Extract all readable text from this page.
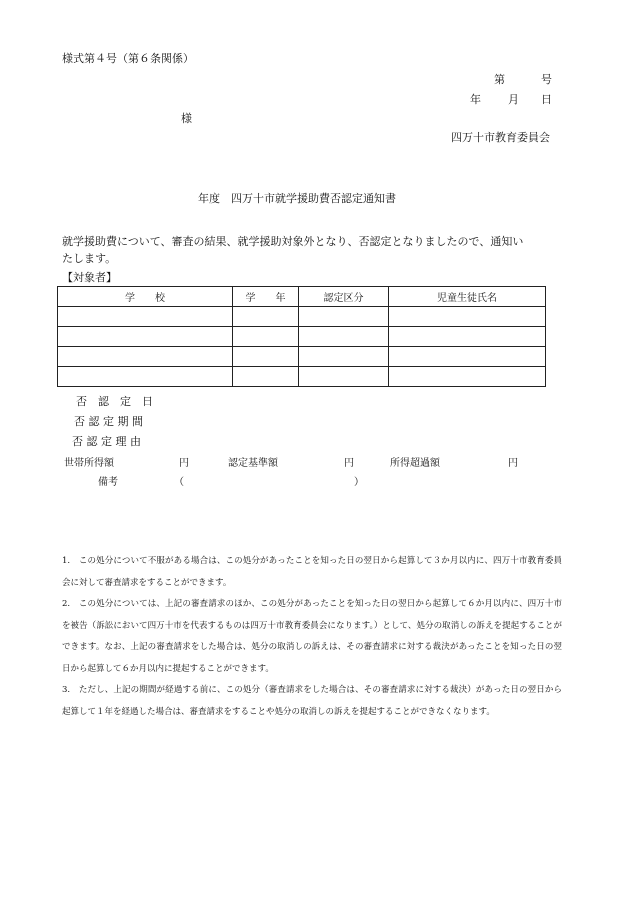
様式第４号（第６条関係）
第	号
年 月 日
様
四万十市教育委員会
年度　四万十市就学援助費否認定通知書
就学援助費について、審査の結果、就学援助対象外となり、否認定となりましたので、通知い
たします。
【対象者】
学　　校	学　　年	認定区分	児童生徒氏名

否　認　定　日
否 認 定 期 間
否 認 定 理 由
世帯所得額	円	認定基準額	円	所得超過額	円
備考	（	）

1.　この処分について不服がある場合は、この処分があったことを知った日の翌日から起算して３か月以内に、四万十市教育委員会に対して審査請求をすることができます。

2.　この処分については、上記の審査請求のほか、この処分があったことを知った日の翌日から起算して６か月以内に、四万十市を被告（訴訟において四万十市を代表するものは四万十市教育委員会になります。）として、処分の取消しの訴えを提起することができます。なお、上記の審査請求をした場合は、処分の取消しの訴えは、その審査請求に対する裁決があったことを知った日の翌日から起算して６か月以内に提起することができます。

3.　ただし、上記の期間が経過する前に、この処分（審査請求をした場合は、その審査請求に対する裁決）があった日の翌日から起算して１年を経過した場合は、審査請求をすることや処分の取消しの訴えを提起することができなくなります。
